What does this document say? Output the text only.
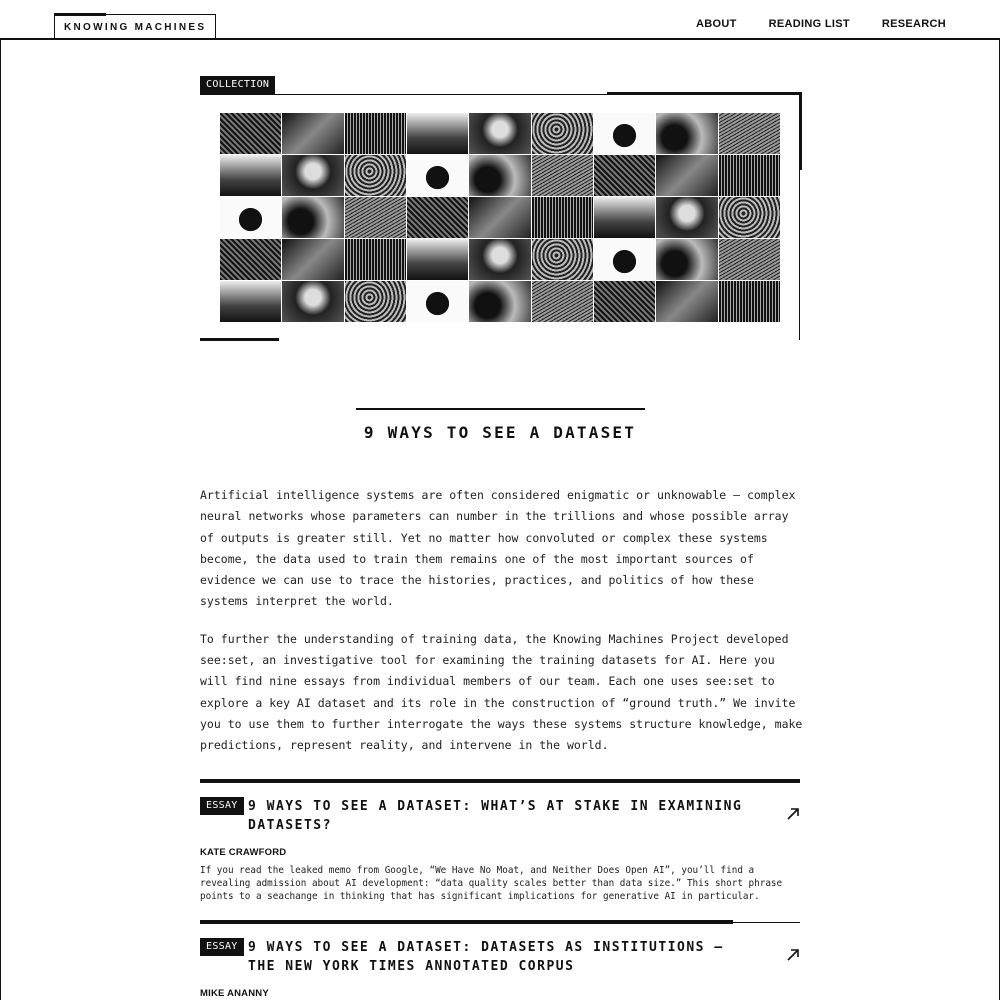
KNOWING MACHINES	ABOUT	READING LIST	RESEARCH
COLLECTION
9 WAYS TO SEE A DATASET

Artificial intelligence systems are often considered enigmatic or unknowable – complex neural networks whose parameters can number in the trillions and whose possible array of outputs is greater still. Yet no matter how convoluted or complex these systems become, the data used to train them remains one of the most important sources of evidence we can use to trace the histories, practices, and politics of how these systems interpret the world.

To further the understanding of training data, the Knowing Machines Project developed see:set, an investigative tool for examining the training datasets for AI. Here you will find nine essays from individual members of our team. Each one uses see:set to explore a key AI dataset and its role in the construction of “ground truth.” We invite you to use them to further interrogate the ways these systems structure knowledge, make predictions, represent reality, and intervene in the world.

ESSAY 9 WAYS TO SEE A DATASET: WHAT’S AT STAKE IN EXAMINING DATASETS?
KATE CRAWFORD
If you read the leaked memo from Google, “We Have No Moat, and Neither Does Open AI”, you’ll find a revealing admission about AI development: “data quality scales better than data size.” This short phrase points to a seachange in thinking that has significant implications for generative AI in particular.
ESSAY 9 WAYS TO SEE A DATASET: DATASETS AS INSTITUTIONS — THE NEW YORK TIMES ANNOTATED CORPUS
MIKE ANANNY
